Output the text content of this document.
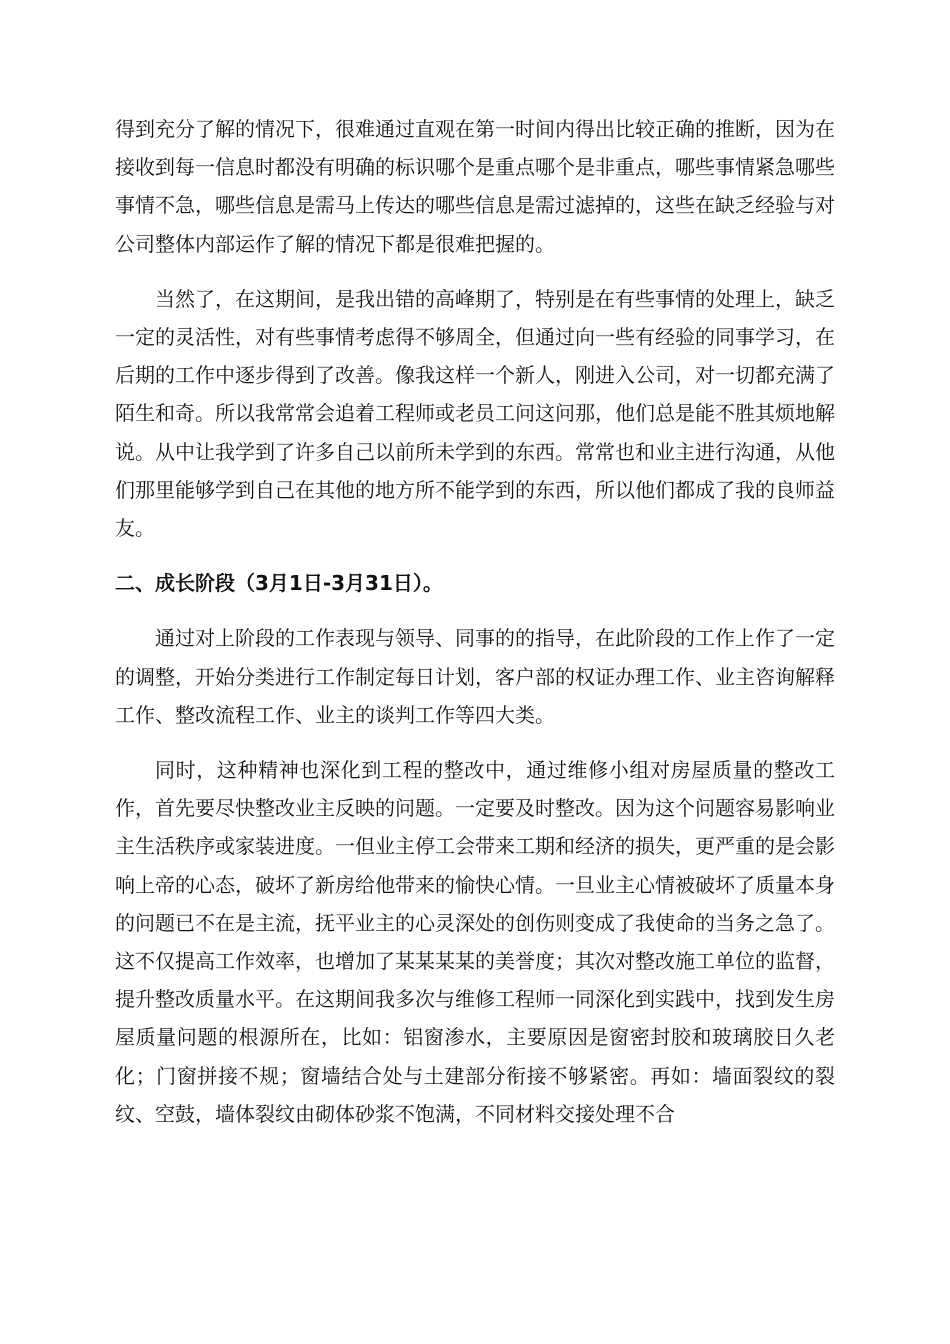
得到充分了解的情况下，很难通过直观在第一时间内得出比较正确的推断，因为在接收到每一信息时都没有明确的标识哪个是重点哪个是非重点，哪些事情紧急哪些事情不急，哪些信息是需马上传达的哪些信息是需过滤掉的，这些在缺乏经验与对公司整体内部运作了解的情况下都是很难把握的。

当然了，在这期间，是我出错的高峰期了，特别是在有些事情的处理上，缺乏一定的灵活性，对有些事情考虑得不够周全，但通过向一些有经验的同事学习，在后期的工作中逐步得到了改善。像我这样一个新人，刚进入公司，对一切都充满了陌生和奇。所以我常常会追着工程师或老员工问这问那，他们总是能不胜其烦地解说。从中让我学到了许多自己以前所未学到的东西。常常也和业主进行沟通，从他们那里能够学到自己在其他的地方所不能学到的东西，所以他们都成了我的良师益友。

二、成长阶段（3月1日-3月31日）。

通过对上阶段的工作表现与领导、同事的的指导，在此阶段的工作上作了一定的调整，开始分类进行工作制定每日计划，客户部的权证办理工作、业主咨询解释工作、整改流程工作、业主的谈判工作等四大类。

同时，这种精神也深化到工程的整改中，通过维修小组对房屋质量的整改工作，首先要尽快整改业主反映的问题。一定要及时整改。因为这个问题容易影响业主生活秩序或家装进度。一但业主停工会带来工期和经济的损失，更严重的是会影响上帝的心态，破坏了新房给他带来的愉快心情。一旦业主心情被破坏了质量本身的问题已不在是主流，抚平业主的心灵深处的创伤则变成了我使命的当务之急了。这不仅提高工作效率，也增加了某某某某的美誉度；其次对整改施工单位的监督，提升整改质量水平。在这期间我多次与维修工程师一同深化到实践中，找到发生房屋质量问题的根源所在，比如：铝窗渗水，主要原因是窗密封胶和玻璃胶日久老化；门窗拼接不规；窗墙结合处与土建部分衔接不够紧密。再如：墙面裂纹的裂纹、空鼓，墙体裂纹由砌体砂浆不饱满，不同材料交接处理不合
